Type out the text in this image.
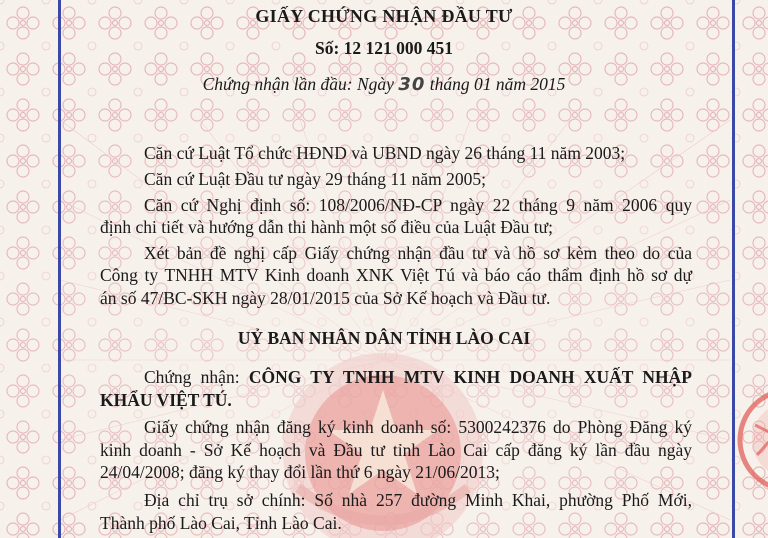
GIẤY CHỨNG NHẬN ĐẦU TƯ
Số: 12 121 000 451
Chứng nhận lần đầu: Ngày 30 tháng 01 năm 2015
Căn cứ Luật Tổ chức HĐND và UBND ngày 26 tháng 11 năm 2003;
Căn cứ Luật Đầu tư ngày 29 tháng 11 năm 2005;
Căn cứ Nghị định số: 108/2006/NĐ-CP ngày 22 tháng 9 năm 2006 quy
định chi tiết và hướng dẫn thi hành một số điều của Luật Đầu tư;
Xét bản đề nghị cấp Giấy chứng nhận đầu tư và hồ sơ kèm theo do của
Công ty TNHH MTV Kinh doanh XNK Việt Tú và báo cáo thẩm định hồ sơ dự
án số 47/BC-SKH ngày 28/01/2015 của Sở Kế hoạch và Đầu tư.
UỶ BAN NHÂN DÂN TỈNH LÀO CAI
Chứng nhận: CÔNG TY TNHH MTV KINH DOANH XUẤT NHẬP
KHẨU VIỆT TÚ.
Giấy chứng nhận đăng ký kinh doanh số: 5300242376 do Phòng Đăng ký
kinh doanh - Sở Kế hoạch và Đầu tư tỉnh Lào Cai cấp đăng ký lần đầu ngày
24/04/2008; đăng ký thay đổi lần thứ 6 ngày 21/06/2013;
Địa chỉ trụ sở chính: Số nhà 257 đường Minh Khai, phường Phố Mới,
Thành phố Lào Cai, Tỉnh Lào Cai.
